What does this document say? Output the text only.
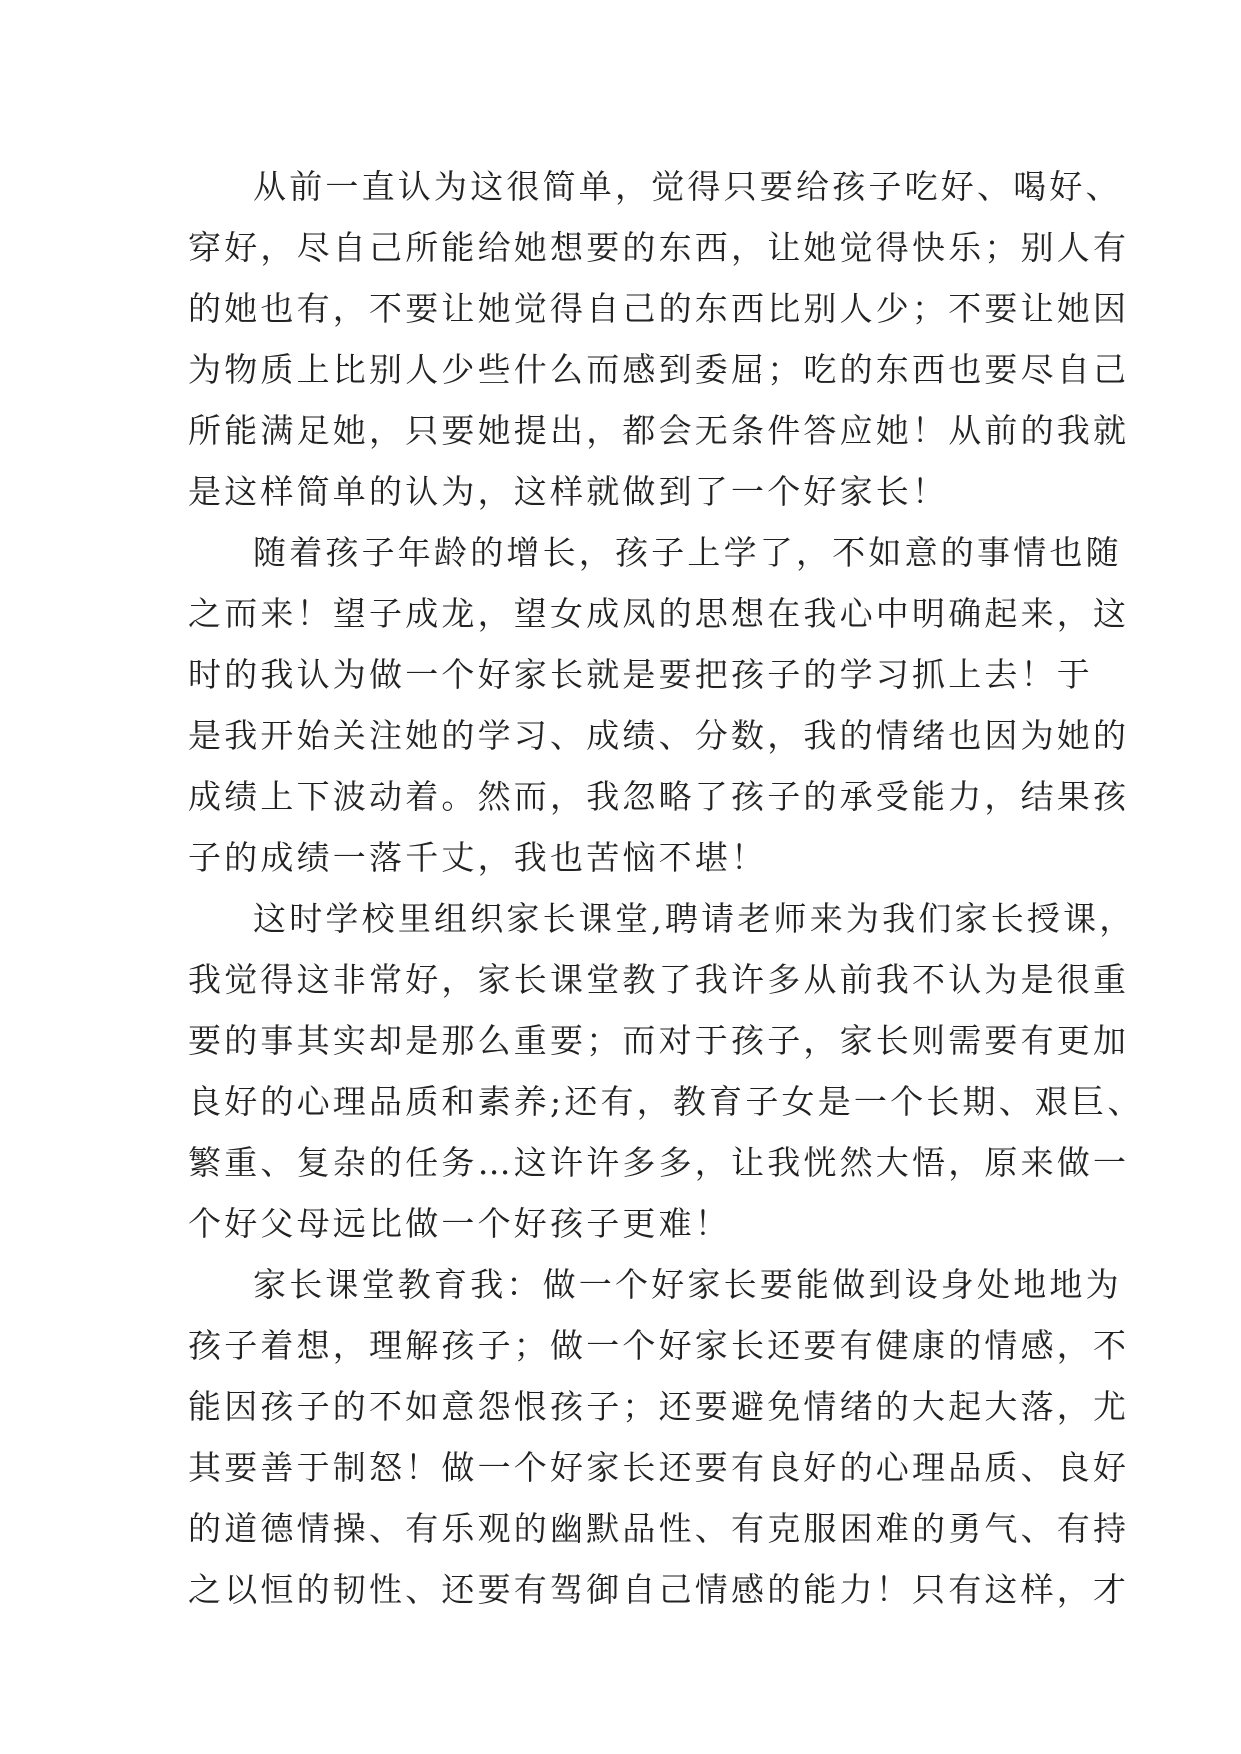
从前一直认为这很简单，觉得只要给孩子吃好、喝好、
穿好，尽自己所能给她想要的东西，让她觉得快乐；别人有
的她也有，不要让她觉得自己的东西比别人少；不要让她因
为物质上比别人少些什么而感到委屈；吃的东西也要尽自己
所能满足她，只要她提出，都会无条件答应她！从前的我就
是这样简单的认为，这样就做到了一个好家长！
随着孩子年龄的增长，孩子上学了，不如意的事情也随
之而来！望子成龙，望女成凤的思想在我心中明确起来，这
时的我认为做一个好家长就是要把孩子的学习抓上去！于
是我开始关注她的学习、成绩、分数，我的情绪也因为她的
成绩上下波动着。然而，我忽略了孩子的承受能力，结果孩
子的成绩一落千丈，我也苦恼不堪！
这时学校里组织家长课堂,聘请老师来为我们家长授课，
我觉得这非常好，家长课堂教了我许多从前我不认为是很重
要的事其实却是那么重要；而对于孩子，家长则需要有更加
良好的心理品质和素养;还有，教育子女是一个长期、艰巨、
繁重、复杂的任务…这许许多多，让我恍然大悟，原来做一
个好父母远比做一个好孩子更难！
家长课堂教育我：做一个好家长要能做到设身处地地为
孩子着想，理解孩子；做一个好家长还要有健康的情感，不
能因孩子的不如意怨恨孩子；还要避免情绪的大起大落，尤
其要善于制怒！做一个好家长还要有良好的心理品质、良好
的道德情操、有乐观的幽默品性、有克服困难的勇气、有持
之以恒的韧性、还要有驾御自己情感的能力！只有这样，才
